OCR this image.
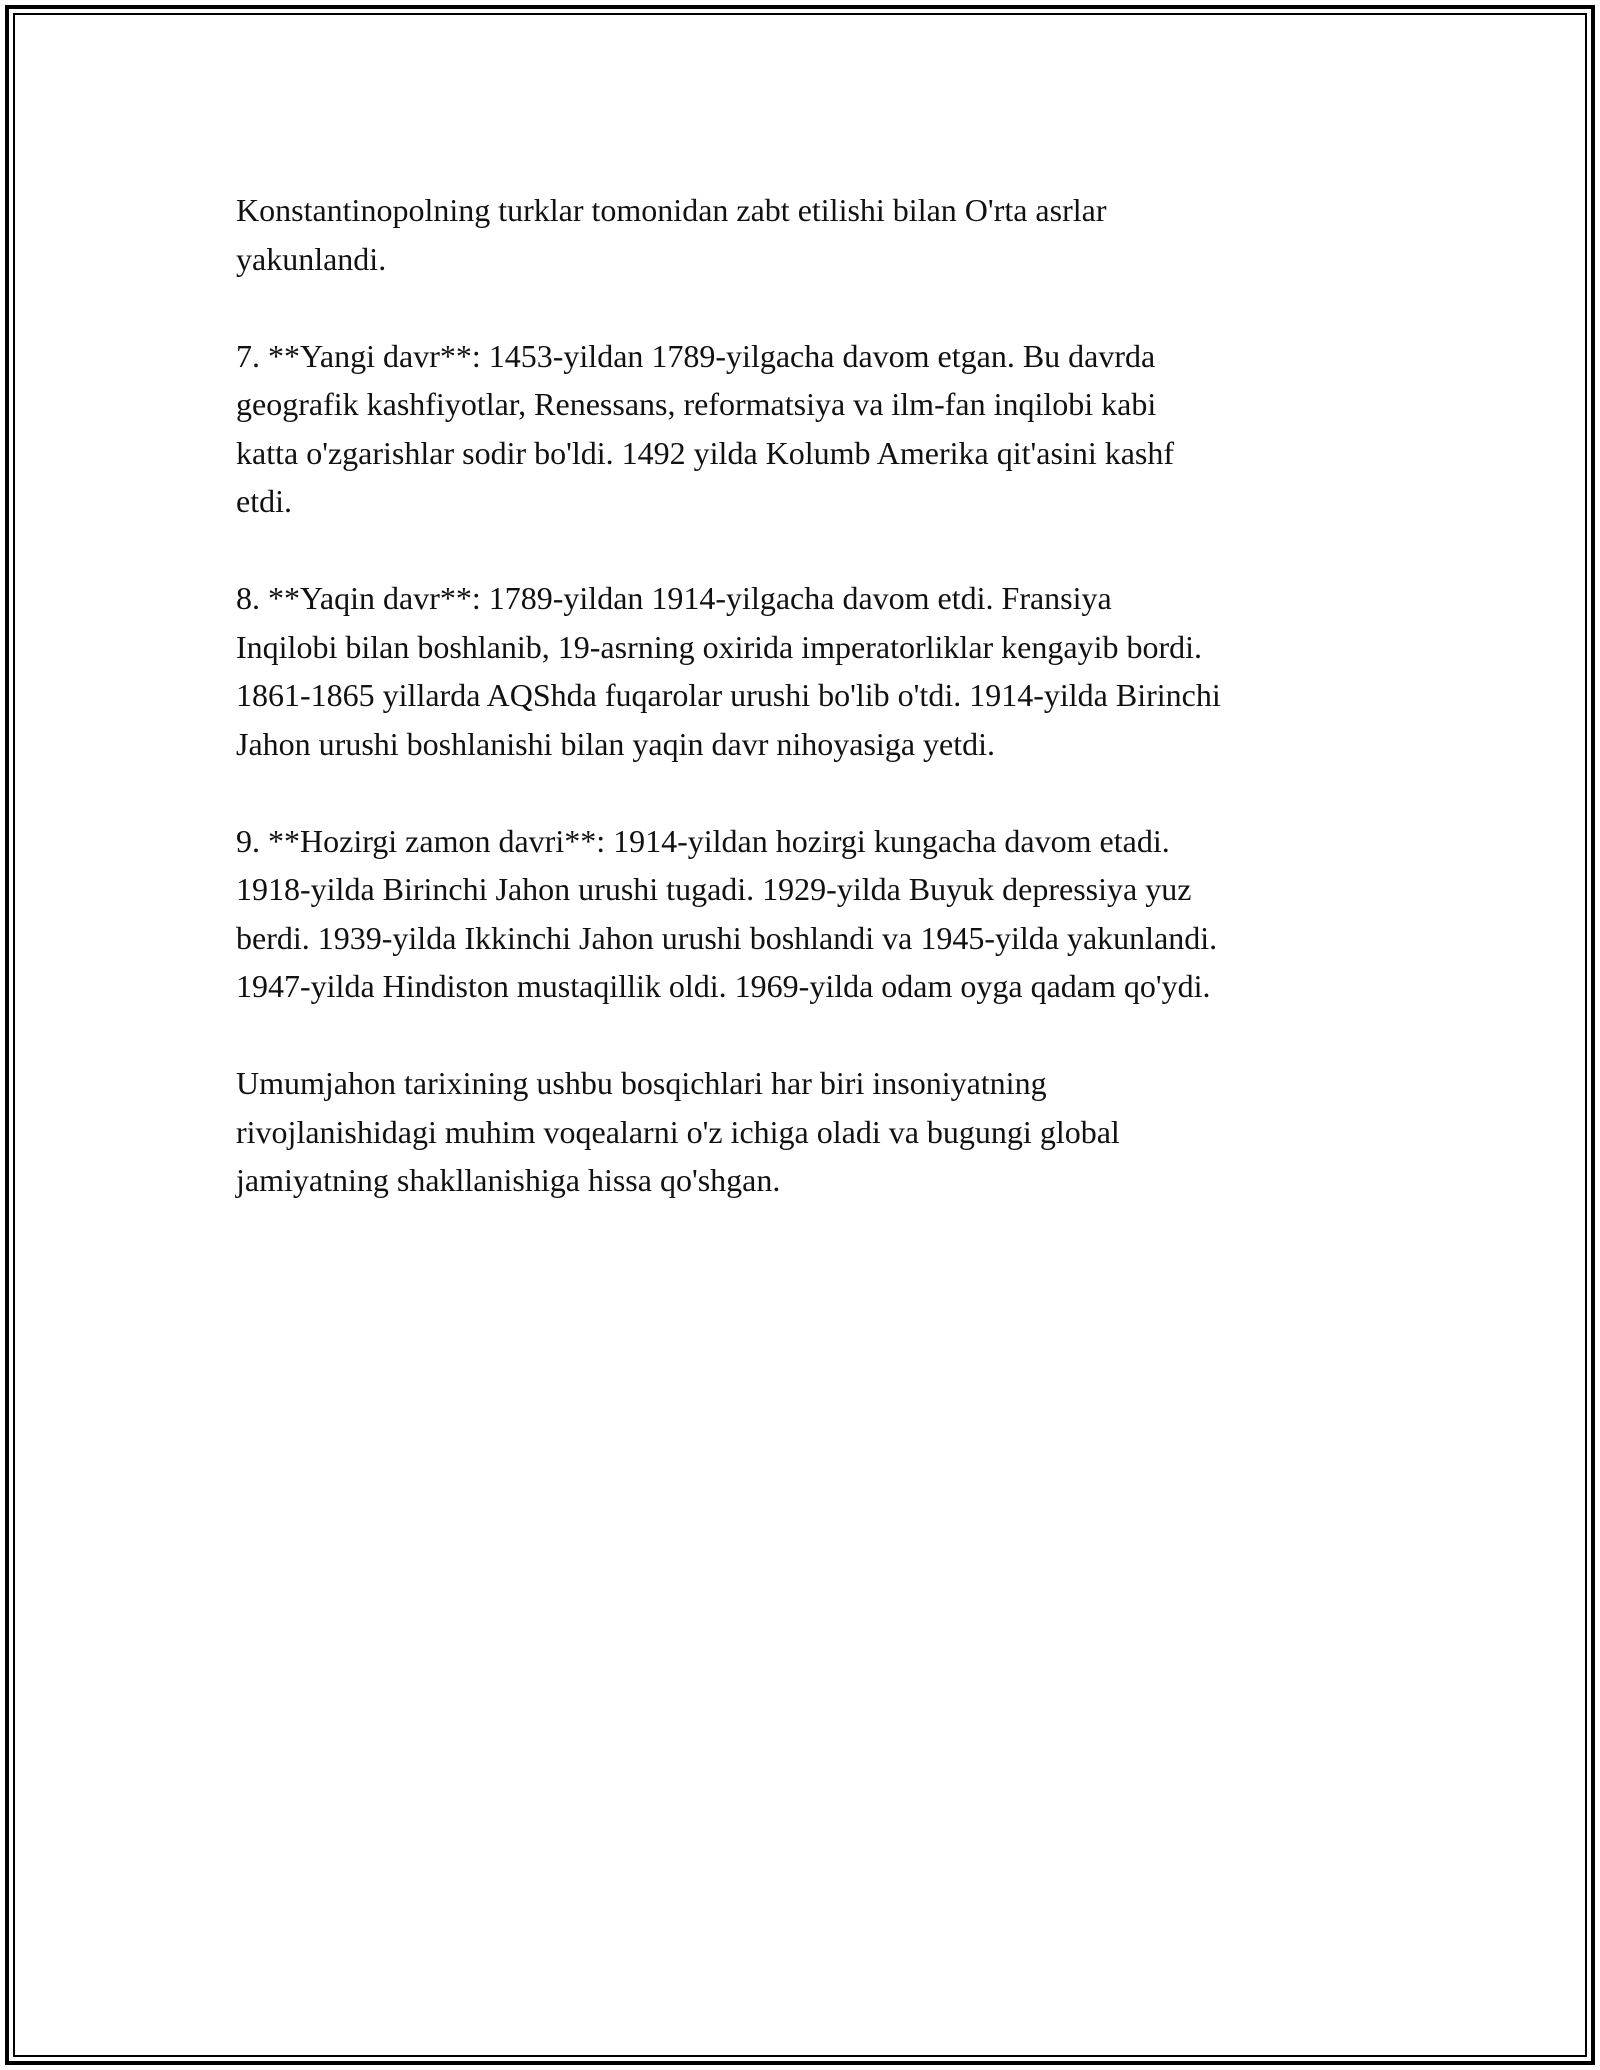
Konstantinopolning turklar tomonidan zabt etilishi bilan O'rta asrlar
yakunlandi.

7. **Yangi davr**: 1453-yildan 1789-yilgacha davom etgan. Bu davrda
geografik kashfiyotlar, Renessans, reformatsiya va ilm-fan inqilobi kabi
katta o'zgarishlar sodir bo'ldi. 1492 yilda Kolumb Amerika qit'asini kashf
etdi.

8. **Yaqin davr**: 1789-yildan 1914-yilgacha davom etdi. Fransiya
Inqilobi bilan boshlanib, 19-asrning oxirida imperatorliklar kengayib bordi.
1861-1865 yillarda AQShda fuqarolar urushi bo'lib o'tdi. 1914-yilda Birinchi
Jahon urushi boshlanishi bilan yaqin davr nihoyasiga yetdi.

9. **Hozirgi zamon davri**: 1914-yildan hozirgi kungacha davom etadi.
1918-yilda Birinchi Jahon urushi tugadi. 1929-yilda Buyuk depressiya yuz
berdi. 1939-yilda Ikkinchi Jahon urushi boshlandi va 1945-yilda yakunlandi.
1947-yilda Hindiston mustaqillik oldi. 1969-yilda odam oyga qadam qo'ydi.

Umumjahon tarixining ushbu bosqichlari har biri insoniyatning
rivojlanishidagi muhim voqealarni o'z ichiga oladi va bugungi global
jamiyatning shakllanishiga hissa qo'shgan.
